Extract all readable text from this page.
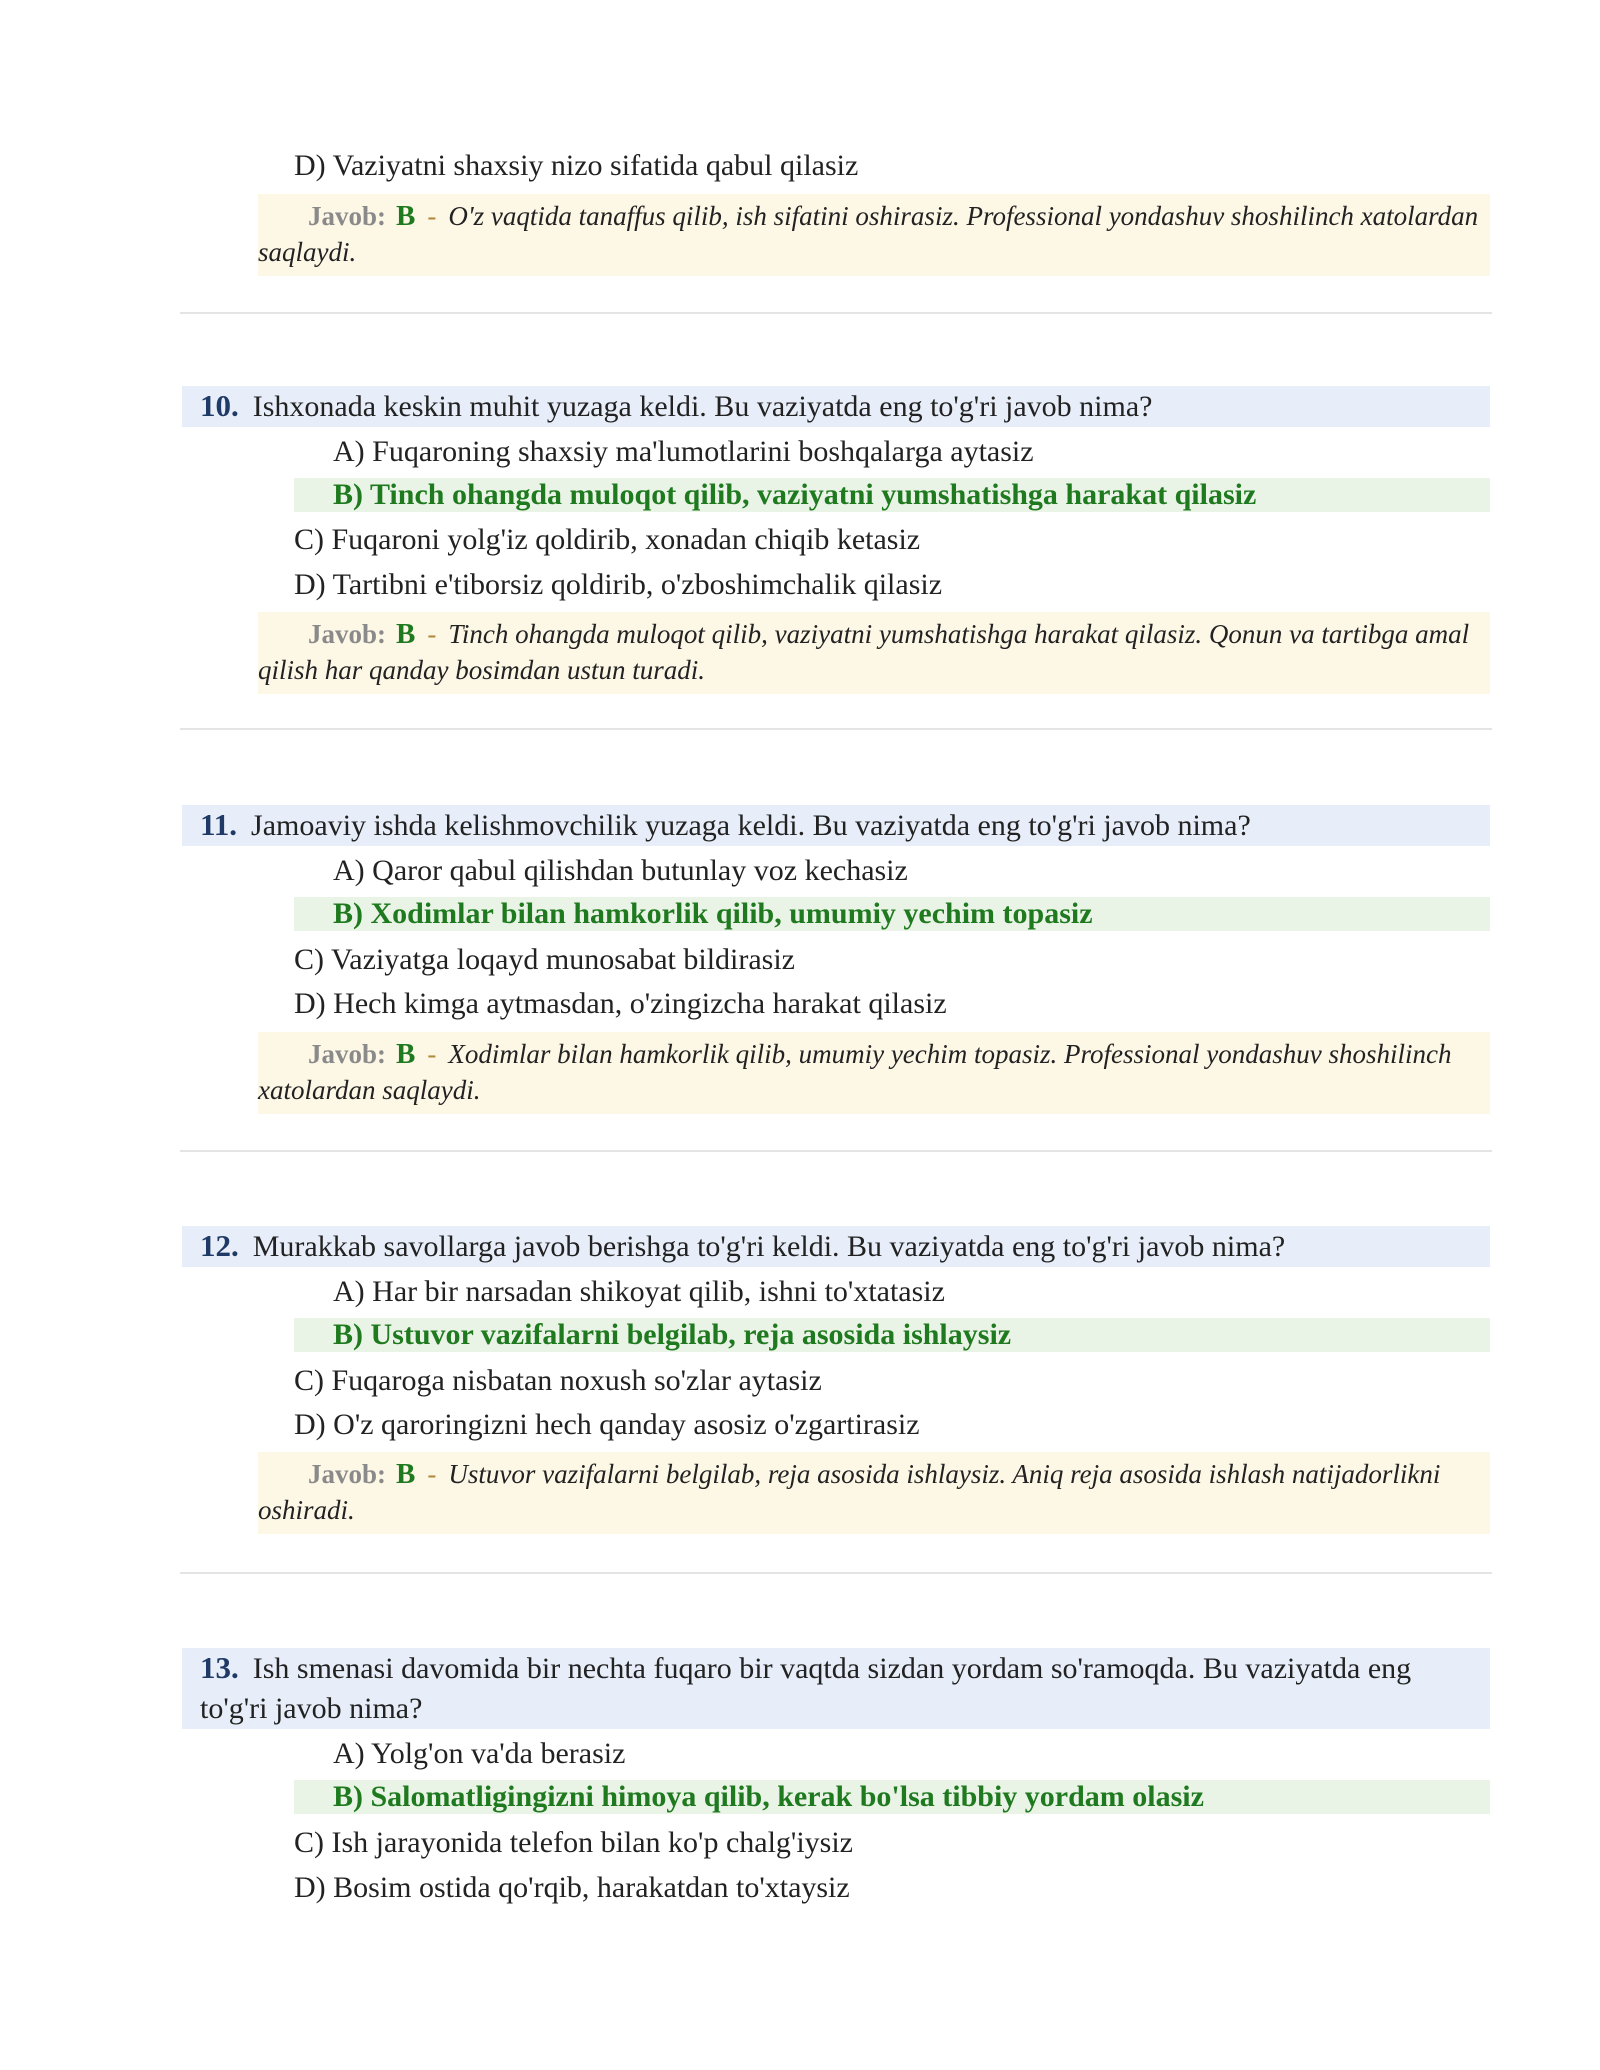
D) Vaziyatni shaxsiy nizo sifatida qabul qilasiz
Javob: B - O'z vaqtida tanaffus qilib, ish sifatini oshirasiz. Professional yondashuv shoshilinch xatolardan saqlaydi.
10. Ishxonada keskin muhit yuzaga keldi. Bu vaziyatda eng to'g'ri javob nima?
A) Fuqaroning shaxsiy ma'lumotlarini boshqalarga aytasiz
B) Tinch ohangda muloqot qilib, vaziyatni yumshatishga harakat qilasiz
C) Fuqaroni yolg'iz qoldirib, xonadan chiqib ketasiz
D) Tartibni e'tiborsiz qoldirib, o'zboshimchalik qilasiz
Javob: B - Tinch ohangda muloqot qilib, vaziyatni yumshatishga harakat qilasiz. Qonun va tartibga amal qilish har qanday bosimdan ustun turadi.
11. Jamoaviy ishda kelishmovchilik yuzaga keldi. Bu vaziyatda eng to'g'ri javob nima?
A) Qaror qabul qilishdan butunlay voz kechasiz
B) Xodimlar bilan hamkorlik qilib, umumiy yechim topasiz
C) Vaziyatga loqayd munosabat bildirasiz
D) Hech kimga aytmasdan, o'zingizcha harakat qilasiz
Javob: B - Xodimlar bilan hamkorlik qilib, umumiy yechim topasiz. Professional yondashuv shoshilinch xatolardan saqlaydi.
12. Murakkab savollarga javob berishga to'g'ri keldi. Bu vaziyatda eng to'g'ri javob nima?
A) Har bir narsadan shikoyat qilib, ishni to'xtatasiz
B) Ustuvor vazifalarni belgilab, reja asosida ishlaysiz
C) Fuqaroga nisbatan noxush so'zlar aytasiz
D) O'z qaroringizni hech qanday asosiz o'zgartirasiz
Javob: B - Ustuvor vazifalarni belgilab, reja asosida ishlaysiz. Aniq reja asosida ishlash natijadorlikni oshiradi.
13. Ish smenasi davomida bir nechta fuqaro bir vaqtda sizdan yordam so'ramoqda. Bu vaziyatda eng to'g'ri javob nima?
A) Yolg'on va'da berasiz
B) Salomatligingizni himoya qilib, kerak bo'lsa tibbiy yordam olasiz
C) Ish jarayonida telefon bilan ko'p chalg'iysiz
D) Bosim ostida qo'rqib, harakatdan to'xtaysiz
